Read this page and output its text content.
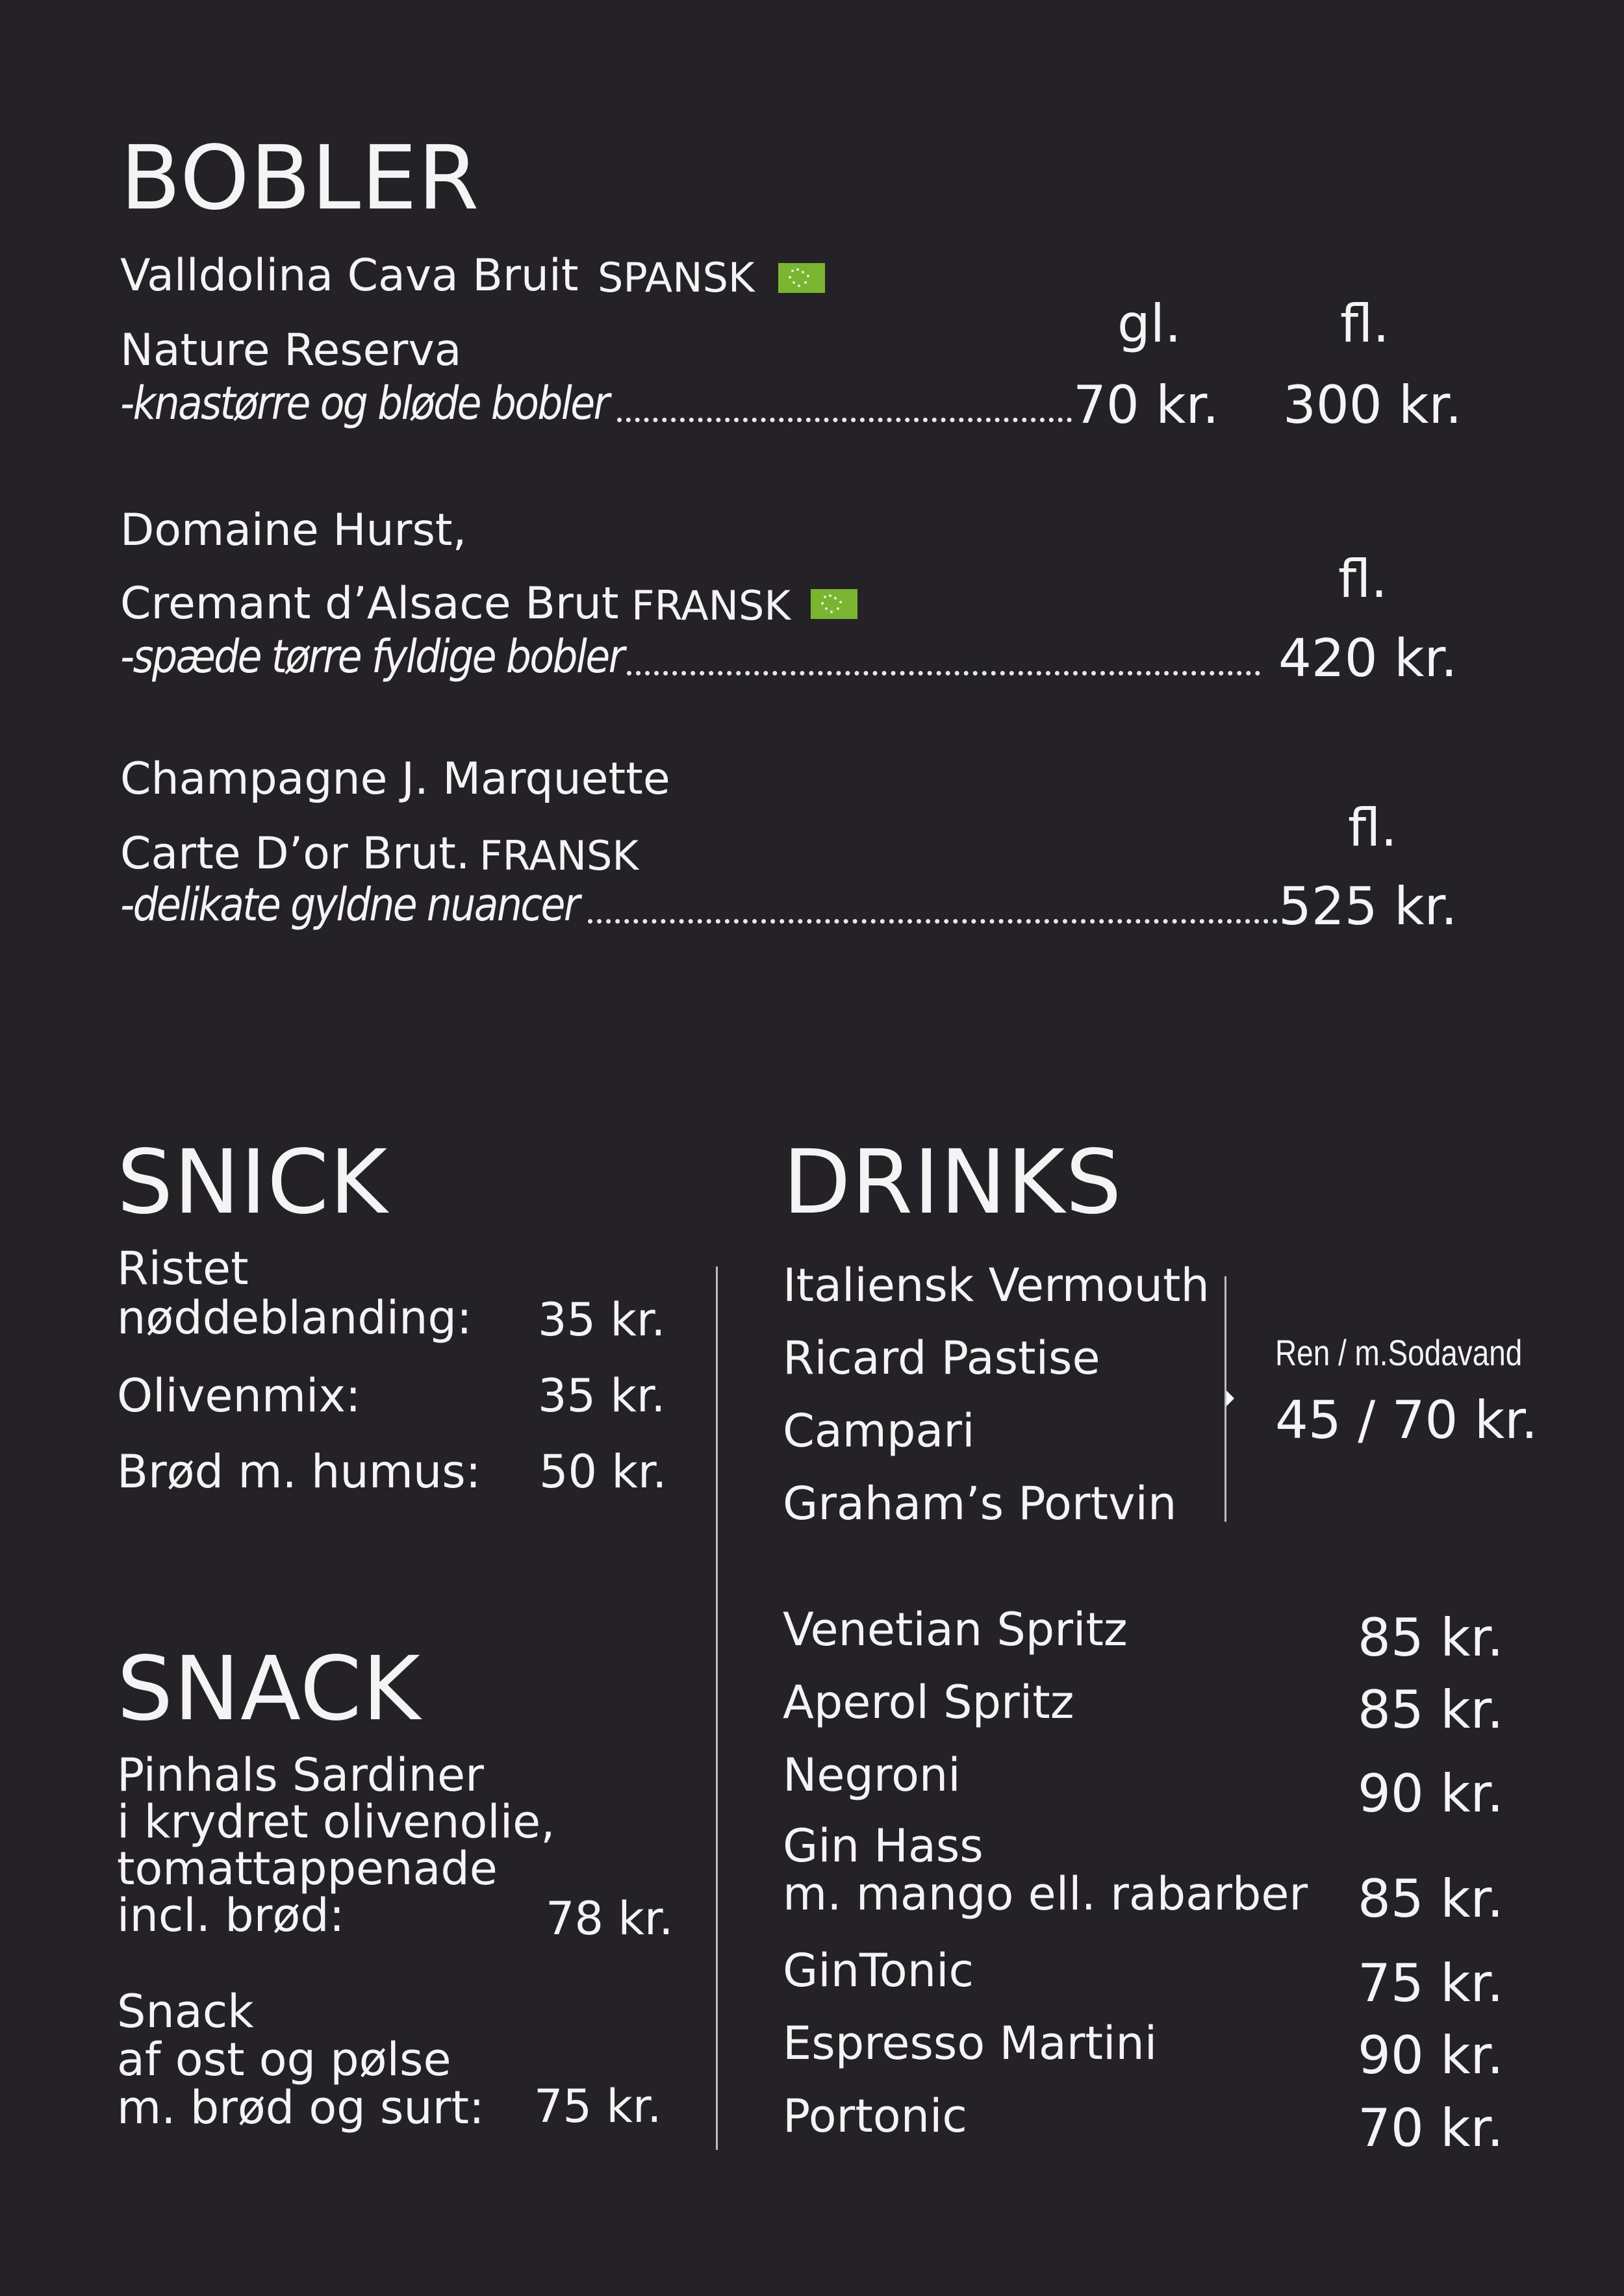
BOBLER
Valldolina Cava Bruit SPANSK
Nature Reserva	gl.	fl.
-knastørre og bløde bobler	70 kr. 300 kr.
Domaine Hurst,
Cremant d’Alsace Brut FRANSK	fl.
-spæde tørre fyldige bobler	420 kr.
Champagne J. Marquette
Carte D’or Brut. FRANSK	fl.
-delikate gyldne nuancer	525 kr.
SNICK
Ristet
nøddeblanding: 35 kr.
Olivenmix:	35 kr.
Brød m. humus: 50 kr.
SNACK
Pinhals Sardiner
i krydret olivenolie,
tomattappenade
incl. brød:	78 kr.
Snack
af ost og pølse
m. brød og surt: 75 kr.
DRINKS
Italiensk Vermouth
Ricard Pastise
Campari
Graham’s Portvin
Ren / m.Sodavand
45 / 70 kr.
Venetian Spritz	85 kr.
Aperol Spritz	85 kr.
Negroni	90 kr.
Gin Hass
m. mango ell. rabarber 85 kr.
GinTonic	75 kr.
Espresso Martini	90 kr.
Portonic	70 kr.
